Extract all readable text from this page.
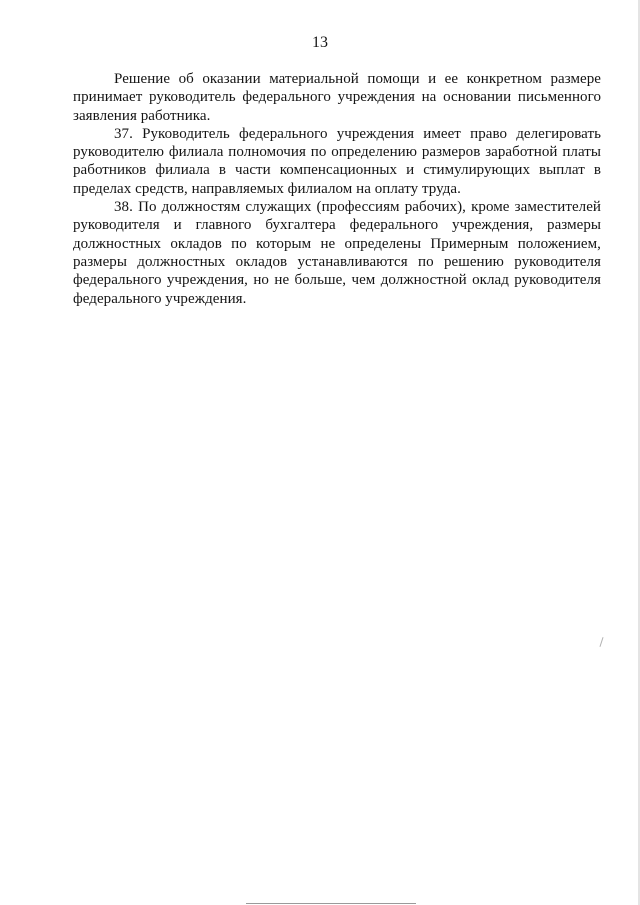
13

Решение об оказании материальной помощи и ее конкретном размере принимает руководитель федерального учреждения на основании письменного заявления работника.

37. Руководитель федерального учреждения имеет право делегировать руководителю филиала полномочия по определению размеров заработной платы работников филиала в части компенсационных и стимулирующих выплат в пределах средств, направляемых филиалом на оплату труда.

38. По должностям служащих (профессиям рабочих), кроме заместителей руководителя и главного бухгалтера федерального учреждения, размеры должностных окладов по которым не определены Примерным положением, размеры должностных окладов устанавливаются по решению руководителя федерального учреждения, но не больше, чем должностной оклад руководителя федерального учреждения.
